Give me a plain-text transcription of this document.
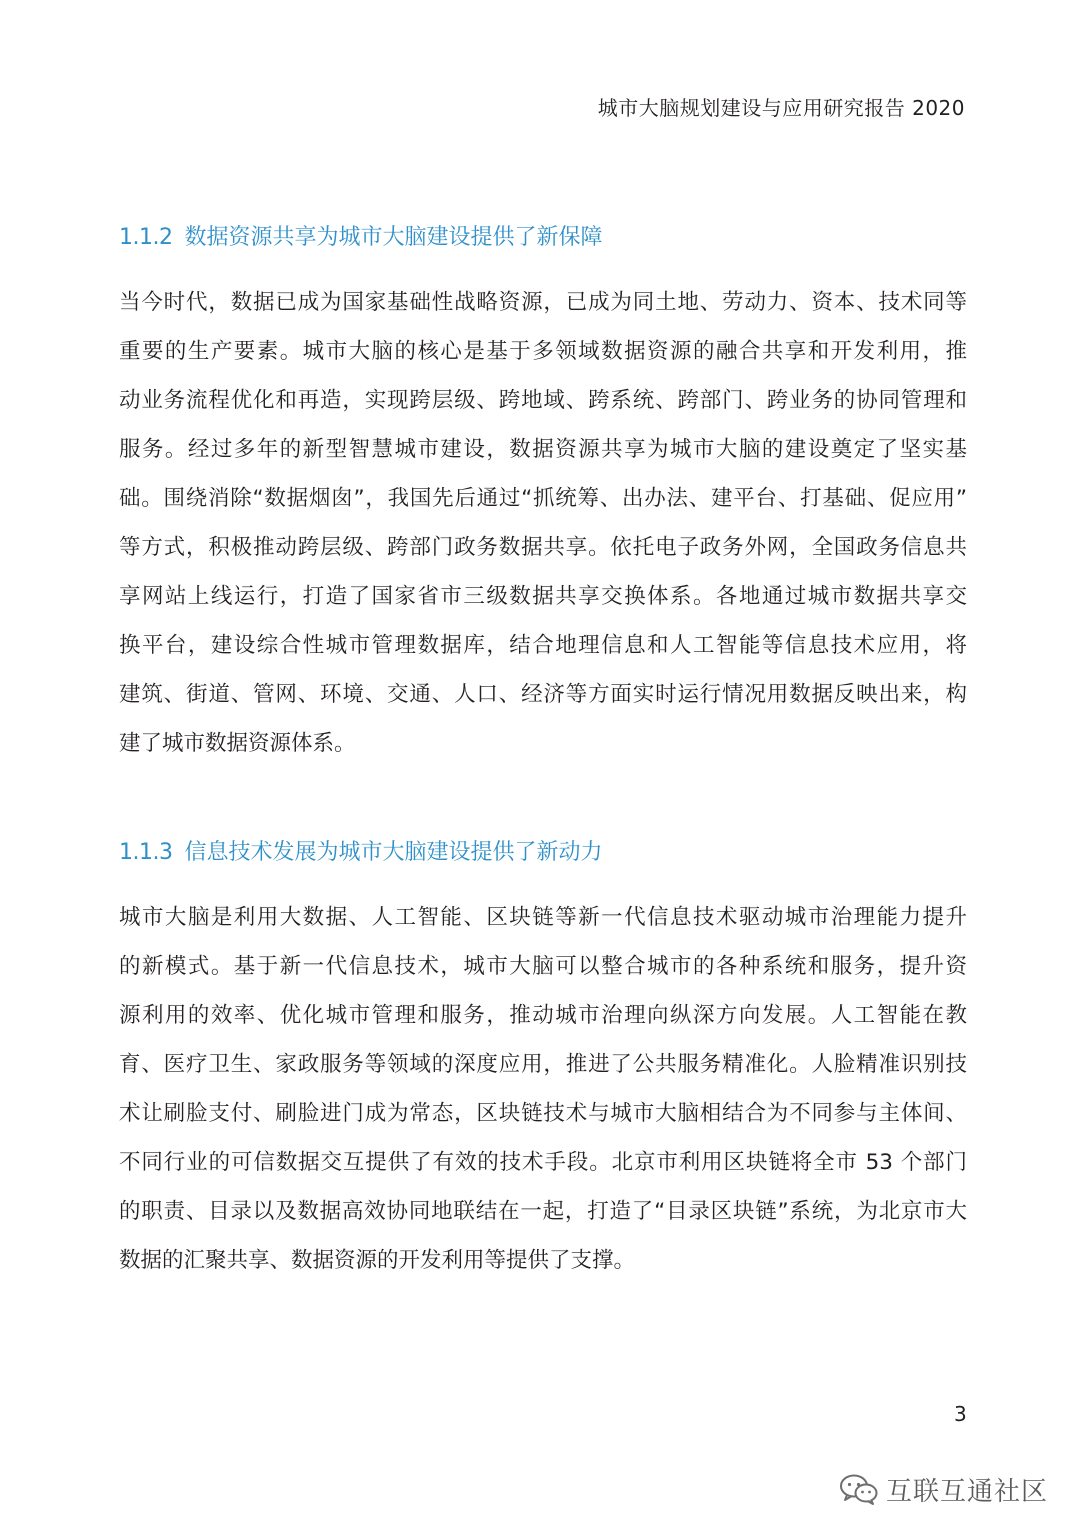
城市大脑规划建设与应用研究报告 2020
1.1.2 数据资源共享为城市大脑建设提供了新保障
当今时代，数据已成为国家基础性战略资源，已成为同土地、劳动力、资本、技术同等
重要的生产要素。城市大脑的核心是基于多领域数据资源的融合共享和开发利用，推
动业务流程优化和再造，实现跨层级、跨地域、跨系统、跨部门、跨业务的协同管理和
服务。经过多年的新型智慧城市建设，数据资源共享为城市大脑的建设奠定了坚实基
础。围绕消除“数据烟囱”，我国先后通过“抓统筹、出办法、建平台、打基础、促应用”
等方式，积极推动跨层级、跨部门政务数据共享。依托电子政务外网，全国政务信息共
享网站上线运行，打造了国家省市三级数据共享交换体系。各地通过城市数据共享交
换平台，建设综合性城市管理数据库，结合地理信息和人工智能等信息技术应用，将
建筑、街道、管网、环境、交通、人口、经济等方面实时运行情况用数据反映出来，构
建了城市数据资源体系。
1.1.3 信息技术发展为城市大脑建设提供了新动力
城市大脑是利用大数据、人工智能、区块链等新一代信息技术驱动城市治理能力提升
的新模式。基于新一代信息技术，城市大脑可以整合城市的各种系统和服务，提升资
源利用的效率、优化城市管理和服务，推动城市治理向纵深方向发展。人工智能在教
育、医疗卫生、家政服务等领域的深度应用，推进了公共服务精准化。人脸精准识别技
术让刷脸支付、刷脸进门成为常态，区块链技术与城市大脑相结合为不同参与主体间、
不同行业的可信数据交互提供了有效的技术手段。北京市利用区块链将全市 53 个部门
的职责、目录以及数据高效协同地联结在一起，打造了“目录区块链”系统，为北京市大
数据的汇聚共享、数据资源的开发利用等提供了支撑。
3
互联互通社区
